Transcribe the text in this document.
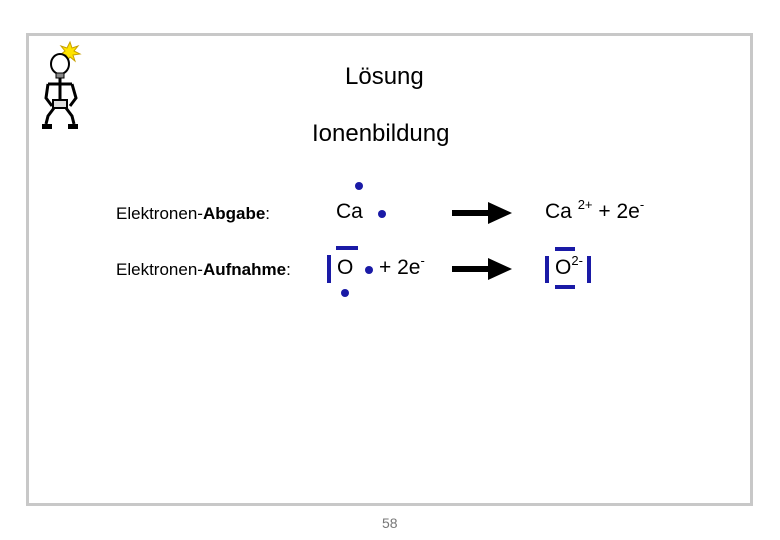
Lösung
Ionenbildung
Elektronen-Abgabe:	Ca	Ca $^{2+}$ + 2e-
Elektronen-Aufnahme: O + 2e-	$O^{2-}$
58
